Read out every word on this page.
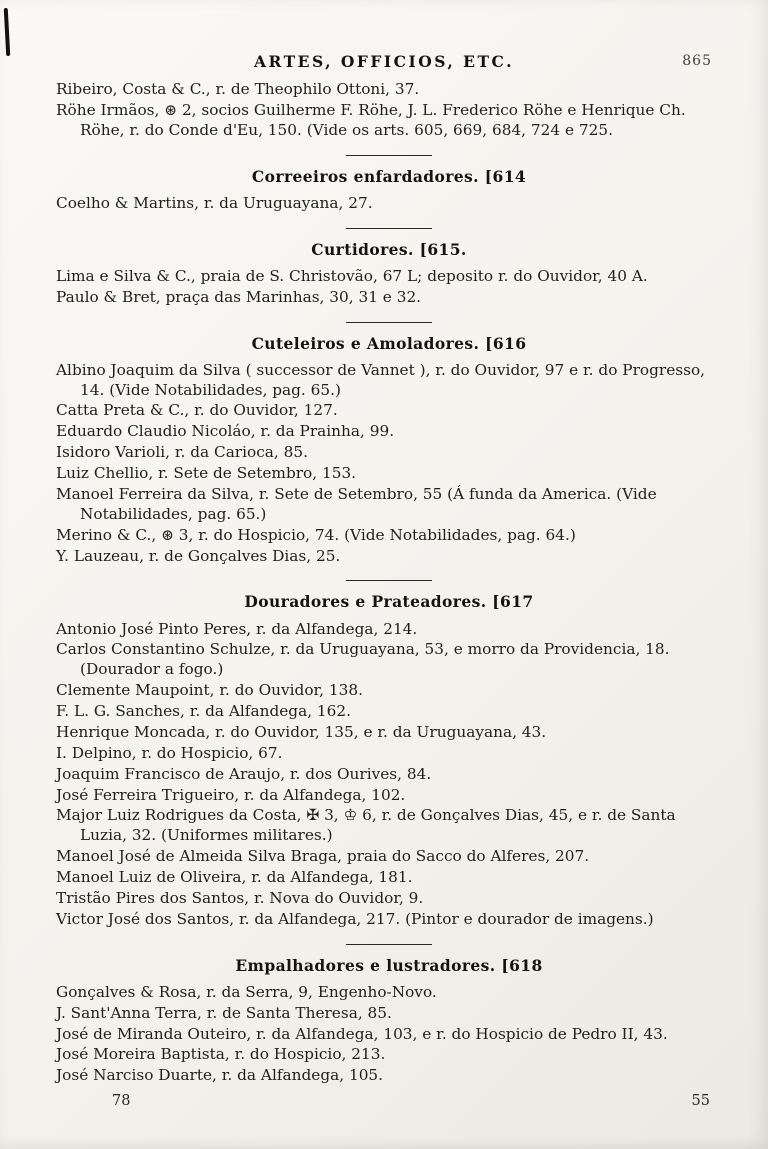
ARTES, OFFICIOS, ETC.	865

Ribeiro, Costa & C., r. de Theophilo Ottoni, 37.

Röhe Irmãos, ⊛ 2, socios Guilherme F. Röhe, J. L. Frederico Röhe e Henrique Ch. Röhe, r. do Conde d'Eu, 150. (Vide os arts. 605, 669, 684, 724 e 725.

Correeiros enfardadores. [614

Coelho & Martins, r. da Uruguayana, 27.

Curtidores. [615.

Lima e Silva & C., praia de S. Christovão, 67 L; deposito r. do Ouvidor, 40 A.

Paulo & Bret, praça das Marinhas, 30, 31 e 32.

Cuteleiros e Amoladores. [616

Albino Joaquim da Silva ( successor de Vannet ), r. do Ouvidor, 97 e r. do Progresso, 14. (Vide Notabilidades, pag. 65.)

Catta Preta & C., r. do Ouvidor, 127.

Eduardo Claudio Nicoláo, r. da Prainha, 99.

Isidoro Varioli, r. da Carioca, 85.

Luiz Chellio, r. Sete de Setembro, 153.

Manoel Ferreira da Silva, r. Sete de Setembro, 55 (Á funda da America. (Vide Notabilidades, pag. 65.)

Merino & C., ⊛ 3, r. do Hospicio, 74. (Vide Notabilidades, pag. 64.)

Y. Lauzeau, r. de Gonçalves Dias, 25.

Douradores e Prateadores. [617

Antonio José Pinto Peres, r. da Alfandega, 214.

Carlos Constantino Schulze, r. da Uruguayana, 53, e morro da Providencia, 18. (Dourador a fogo.)

Clemente Maupoint, r. do Ouvidor, 138.

F. L. G. Sanches, r. da Alfandega, 162.

Henrique Moncada, r. do Ouvidor, 135, e r. da Uruguayana, 43.

I. Delpino, r. do Hospicio, 67.

Joaquim Francisco de Araujo, r. dos Ourives, 84.

José Ferreira Trigueiro, r. da Alfandega, 102.

Major Luiz Rodrigues da Costa, ✠ 3, ♔ 6, r. de Gonçalves Dias, 45, e r. de Santa Luzia, 32. (Uniformes militares.)

Manoel José de Almeida Silva Braga, praia do Sacco do Alferes, 207.

Manoel Luiz de Oliveira, r. da Alfandega, 181.

Tristão Pires dos Santos, r. Nova do Ouvidor, 9.

Victor José dos Santos, r. da Alfandega, 217. (Pintor e dourador de imagens.)

Empalhadores e lustradores. [618

Gonçalves & Rosa, r. da Serra, 9, Engenho-Novo.

J. Sant'Anna Terra, r. de Santa Theresa, 85.

José de Miranda Outeiro, r. da Alfandega, 103, e r. do Hospicio de Pedro II, 43.

José Moreira Baptista, r. do Hospicio, 213.

José Narciso Duarte, r. da Alfandega, 105.

78	55
